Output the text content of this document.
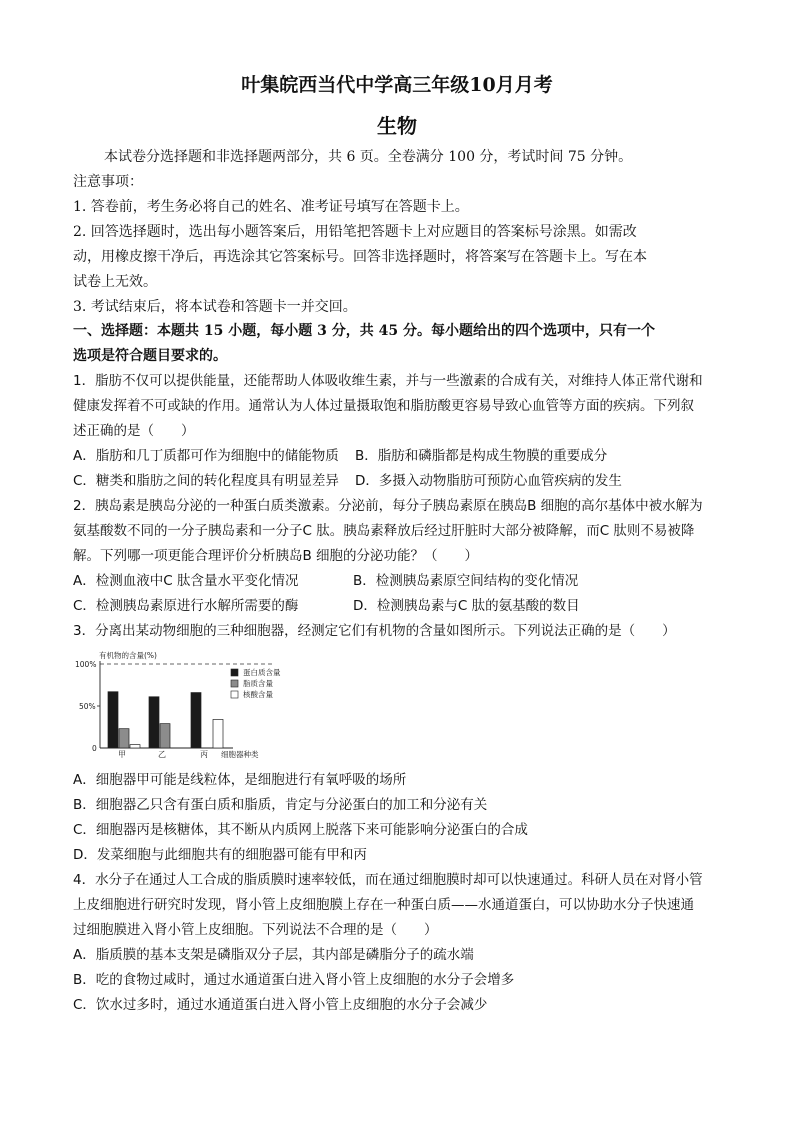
叶集皖西当代中学高三年级10月月考
生物
本试卷分选择题和非选择题两部分，共 6 页。全卷满分 100 分，考试时间 75 分钟。
注意事项：
1. 答卷前，考生务必将自己的姓名、准考证号填写在答题卡上。
2. 回答选择题时，选出每小题答案后，用铅笔把答题卡上对应题目的答案标号涂黑。如需改
动，用橡皮擦干净后，再选涂其它答案标号。回答非选择题时，将答案写在答题卡上。写在本
试卷上无效。
3. 考试结束后，将本试卷和答题卡一并交回。
一、选择题：本题共 15 小题，每小题 3 分，共 45 分。每小题给出的四个选项中，只有一个
选项是符合题目要求的。
1．脂肪不仅可以提供能量，还能帮助人体吸收维生素，并与一些激素的合成有关，对维持人体正常代谢和
健康发挥着不可或缺的作用。通常认为人体过量摄取饱和脂肪酸更容易导致心血管等方面的疾病。下列叙
述正确的是（　　）
A．脂肪和几丁质都可作为细胞中的储能物质 B．脂肪和磷脂都是构成生物膜的重要成分
C．糖类和脂肪之间的转化程度具有明显差异 D．多摄入动物脂肪可预防心血管疾病的发生
2．胰岛素是胰岛分泌的一种蛋白质类激素。分泌前，每分子胰岛素原在胰岛B 细胞的高尔基体中被水解为
氨基酸数不同的一分子胰岛素和一分子C 肽。胰岛素释放后经过肝脏时大部分被降解，而C 肽则不易被降
解。下列哪一项更能合理评价分析胰岛B 细胞的分泌功能？（　　）
A．检测血液中C 肽含量水平变化情况	B．检测胰岛素原空间结构的变化情况
C．检测胰岛素原进行水解所需要的酶	D．检测胰岛素与C 肽的氨基酸的数目
3．分离出某动物细胞的三种细胞器，经测定它们有机物的含量如图所示。下列说法正确的是（　　）
有机物的含量(%)
100%
50%
0
甲	乙	丙 细胞器种类
蛋白质含量
脂质含量
核酸含量
A．细胞器甲可能是线粒体，是细胞进行有氧呼吸的场所
B．细胞器乙只含有蛋白质和脂质，肯定与分泌蛋白的加工和分泌有关
C．细胞器丙是核糖体，其不断从内质网上脱落下来可能影响分泌蛋白的合成
D．发菜细胞与此细胞共有的细胞器可能有甲和丙
4．水分子在通过人工合成的脂质膜时速率较低，而在通过细胞膜时却可以快速通过。科研人员在对肾小管
上皮细胞进行研究时发现，肾小管上皮细胞膜上存在一种蛋白质——水通道蛋白，可以协助水分子快速通
过细胞膜进入肾小管上皮细胞。下列说法不合理的是（　　）
A．脂质膜的基本支架是磷脂双分子层，其内部是磷脂分子的疏水端
B．吃的食物过咸时，通过水通道蛋白进入肾小管上皮细胞的水分子会增多
C．饮水过多时，通过水通道蛋白进入肾小管上皮细胞的水分子会减少
